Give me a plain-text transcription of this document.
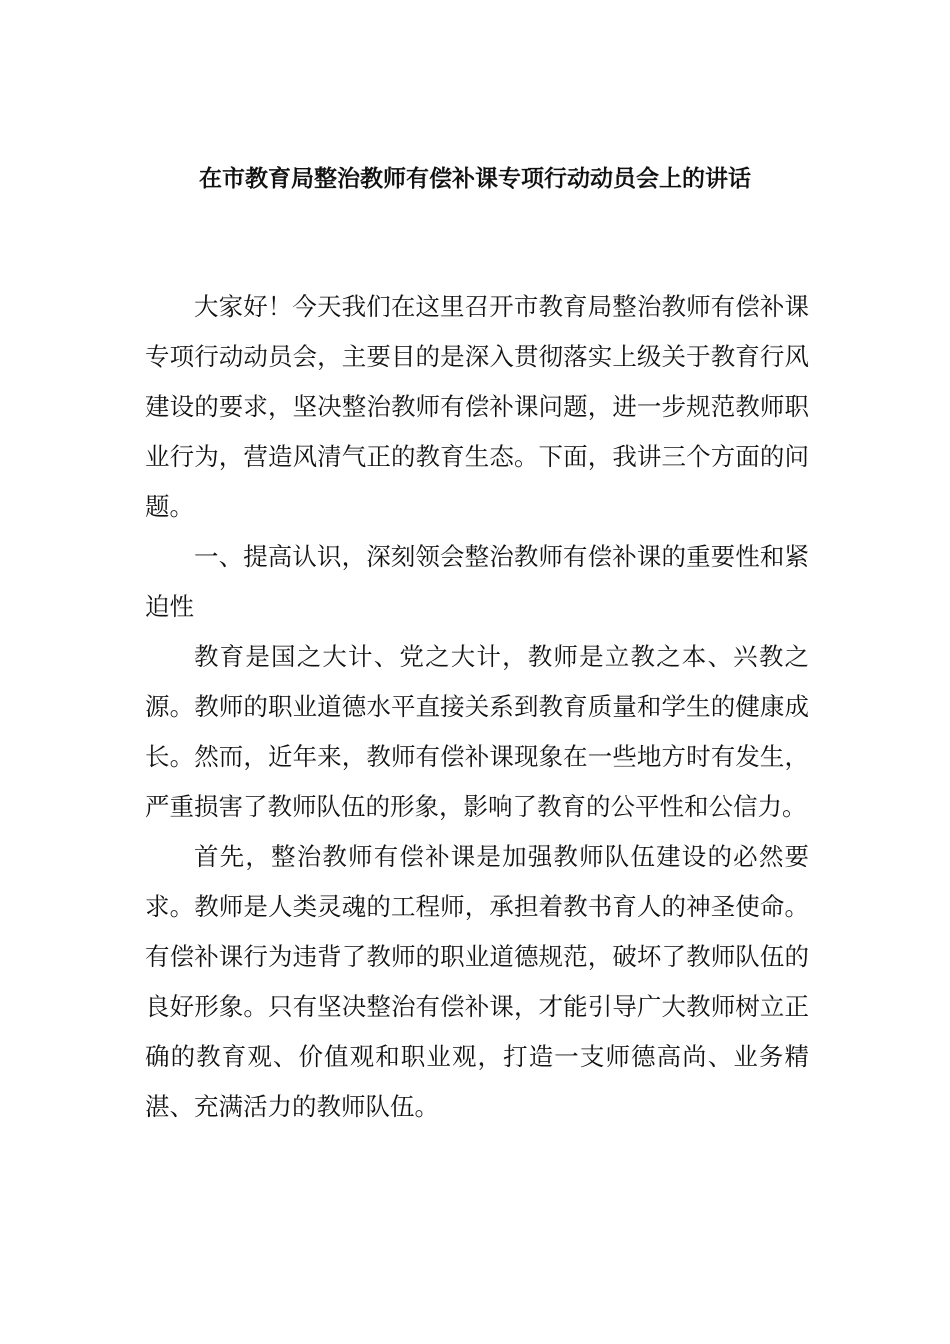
在市教育局整治教师有偿补课专项行动动员会上的讲话

大家好！今天我们在这里召开市教育局整治教师有偿补课专项行动动员会，主要目的是深入贯彻落实上级关于教育行风建设的要求，坚决整治教师有偿补课问题，进一步规范教师职业行为，营造风清气正的教育生态。下面，我讲三个方面的问题。

一、提高认识，深刻领会整治教师有偿补课的重要性和紧迫性

教育是国之大计、党之大计，教师是立教之本、兴教之源。教师的职业道德水平直接关系到教育质量和学生的健康成长。然而，近年来，教师有偿补课现象在一些地方时有发生，严重损害了教师队伍的形象，影响了教育的公平性和公信力。

首先，整治教师有偿补课是加强教师队伍建设的必然要求。教师是人类灵魂的工程师，承担着教书育人的神圣使命。有偿补课行为违背了教师的职业道德规范，破坏了教师队伍的良好形象。只有坚决整治有偿补课，才能引导广大教师树立正确的教育观、价值观和职业观，打造一支师德高尚、业务精湛、充满活力的教师队伍。
